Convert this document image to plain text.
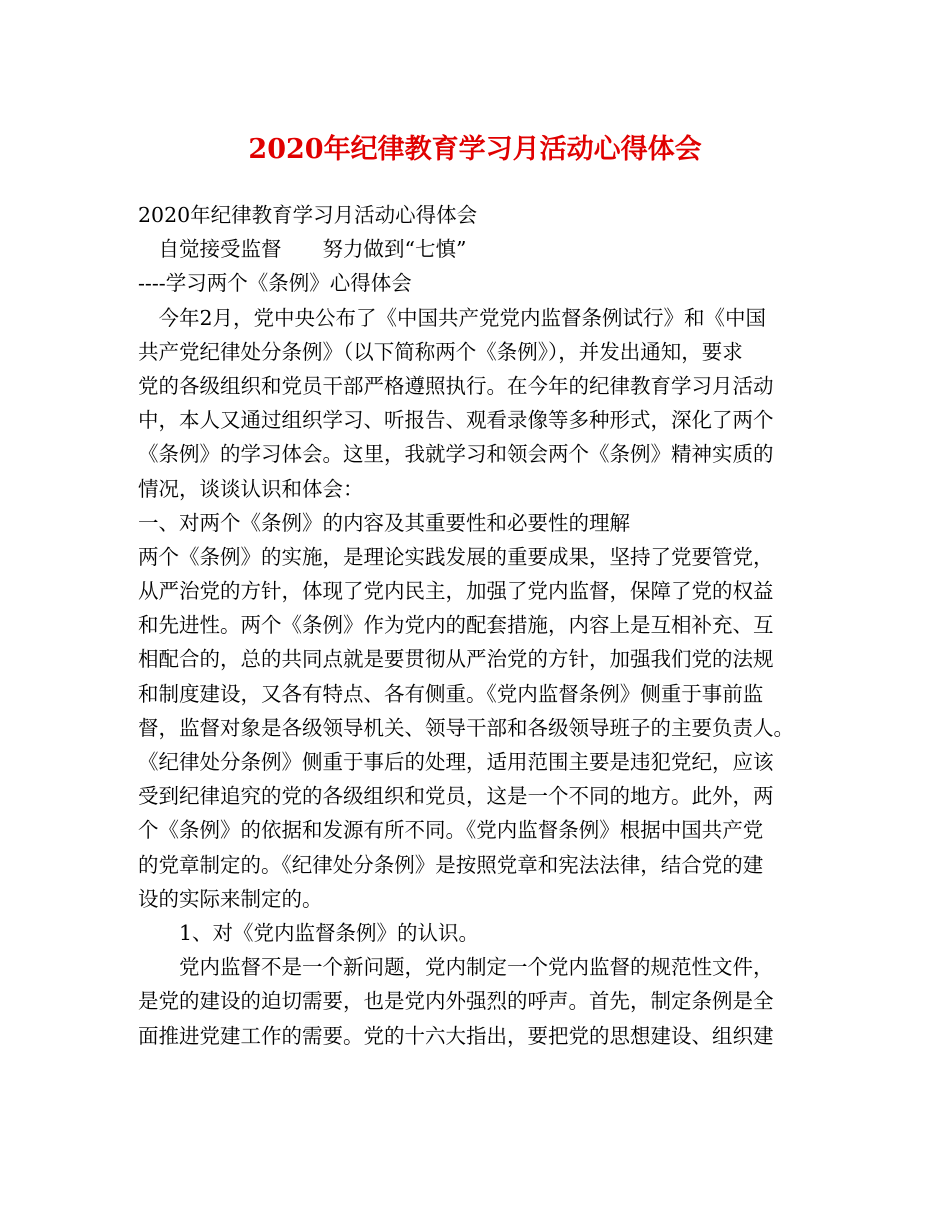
2020年纪律教育学习月活动心得体会
2020年纪律教育学习月活动心得体会
　自觉接受监督　　努力做到“七慎”
----学习两个《条例》心得体会
　今年2月，党中央公布了《中国共产党党内监督条例试行》和《中国
共产党纪律处分条例》（以下简称两个《条例》），并发出通知，要求
党的各级组织和党员干部严格遵照执行。在今年的纪律教育学习月活动
中，本人又通过组织学习、听报告、观看录像等多种形式，深化了两个
《条例》的学习体会。这里，我就学习和领会两个《条例》精神实质的
情况，谈谈认识和体会：
一、对两个《条例》的内容及其重要性和必要性的理解
两个《条例》的实施，是理论实践发展的重要成果，坚持了党要管党，
从严治党的方针，体现了党内民主，加强了党内监督，保障了党的权益
和先进性。两个《条例》作为党内的配套措施，内容上是互相补充、互
相配合的，总的共同点就是要贯彻从严治党的方针，加强我们党的法规
和制度建设，又各有特点、各有侧重。《党内监督条例》侧重于事前监
督，监督对象是各级领导机关、领导干部和各级领导班子的主要负责人。
《纪律处分条例》侧重于事后的处理，适用范围主要是违犯党纪，应该
受到纪律追究的党的各级组织和党员，这是一个不同的地方。此外，两
个《条例》的依据和发源有所不同。《党内监督条例》根据中国共产党
的党章制定的。《纪律处分条例》是按照党章和宪法法律，结合党的建
设的实际来制定的。
　　1、对《党内监督条例》的认识。
　　党内监督不是一个新问题，党内制定一个党内监督的规范性文件，
是党的建设的迫切需要，也是党内外强烈的呼声。首先，制定条例是全
面推进党建工作的需要。党的十六大指出，要把党的思想建设、组织建
